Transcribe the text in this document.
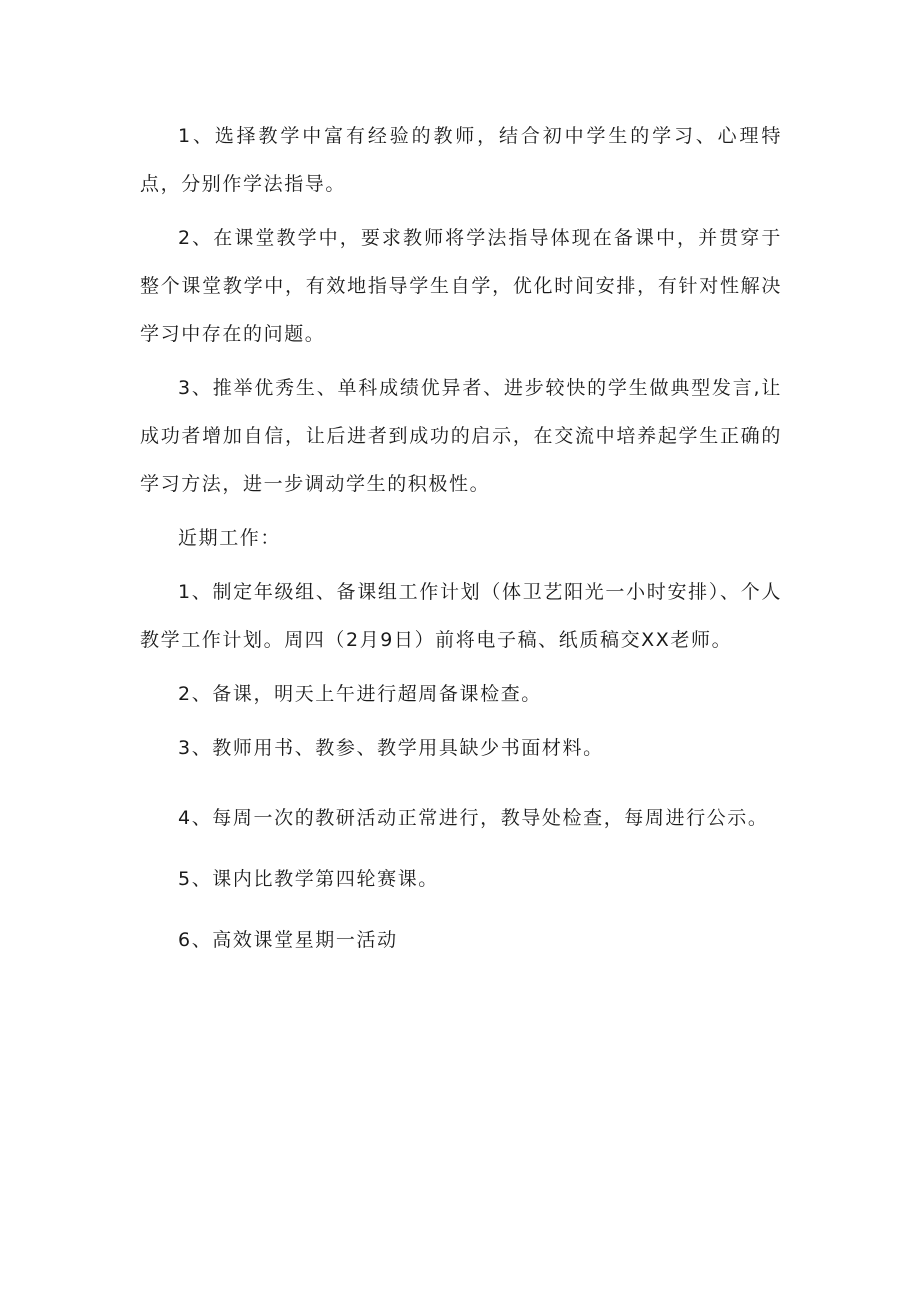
1、选择教学中富有经验的教师，结合初中学生的学习、心理特点，分别作学法指导。

2、在课堂教学中，要求教师将学法指导体现在备课中，并贯穿于整个课堂教学中，有效地指导学生自学，优化时间安排，有针对性解决学习中存在的问题。

3、推举优秀生、单科成绩优异者、进步较快的学生做典型发言,让成功者增加自信，让后进者到成功的启示，在交流中培养起学生正确的学习方法，进一步调动学生的积极性。

近期工作：

1、制定年级组、备课组工作计划（体卫艺阳光一小时安排）、个人教学工作计划。周四（2月9日）前将电子稿、纸质稿交XX老师。

2、备课，明天上午进行超周备课检查。

3、教师用书、教参、教学用具缺少书面材料。

4、每周一次的教研活动正常进行，教导处检查，每周进行公示。

5、课内比教学第四轮赛课。

6、高效课堂星期一活动
